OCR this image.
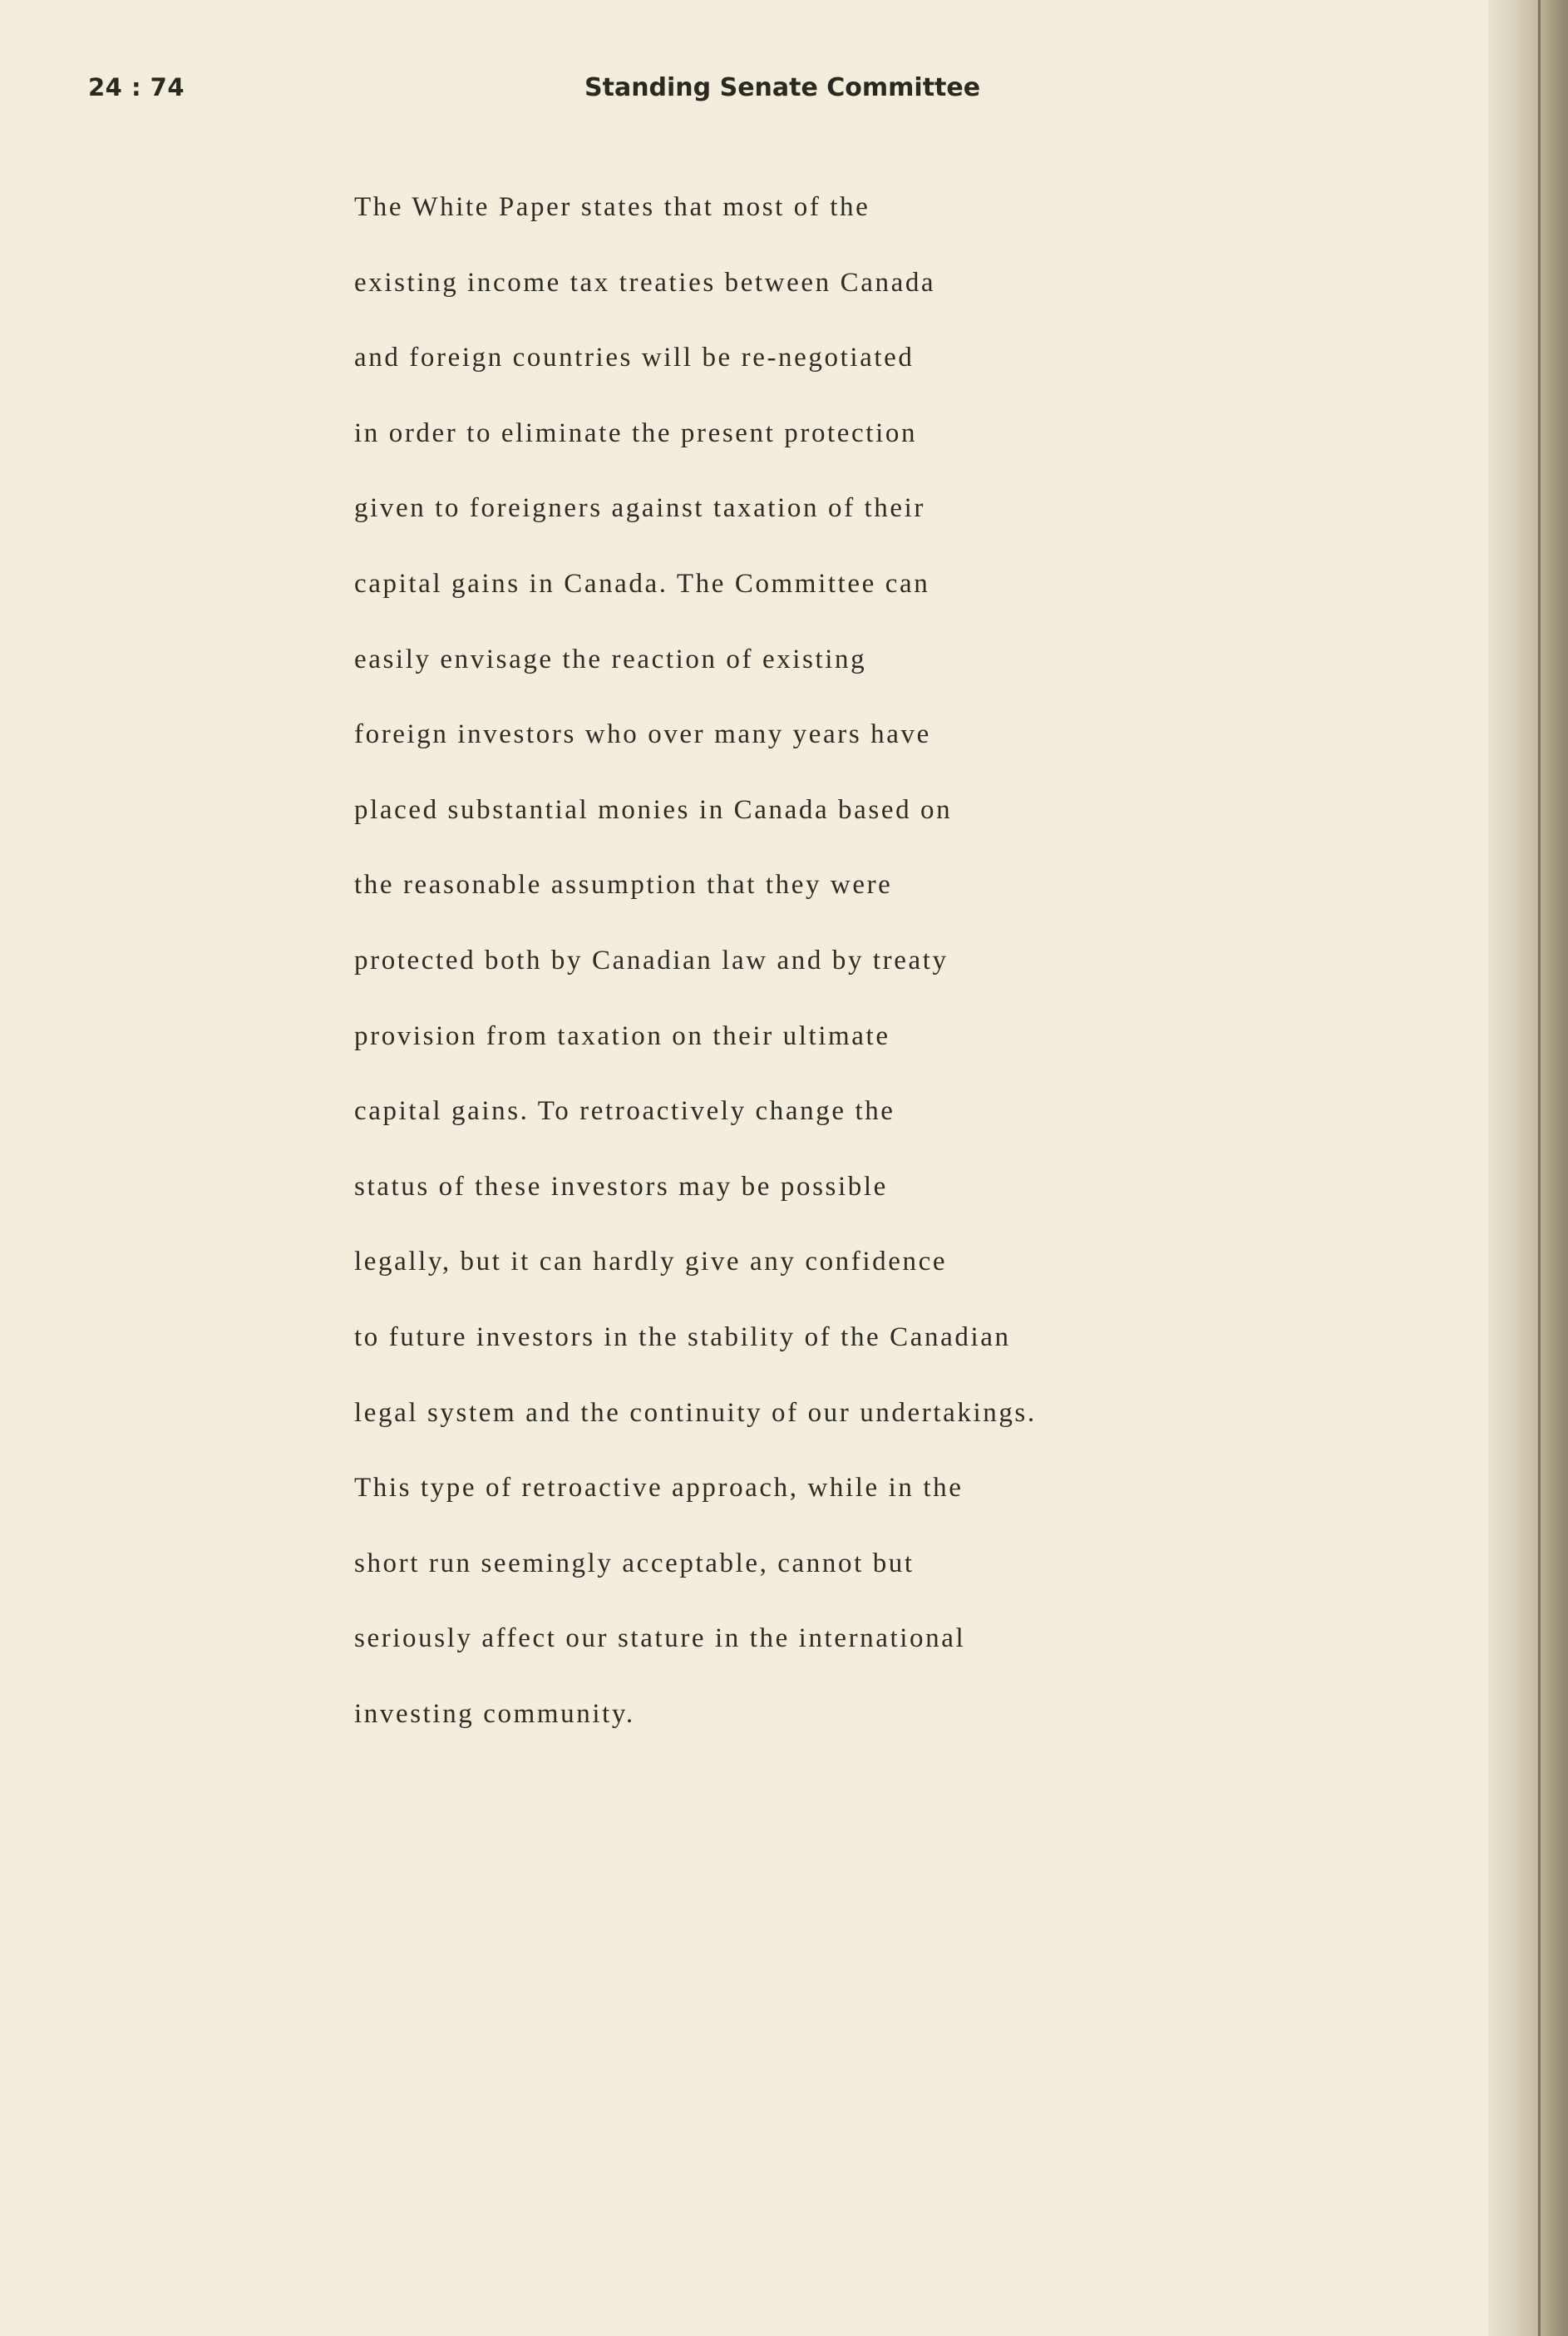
24 : 74	Standing Senate Committee
The White Paper states that most of the
existing income tax treaties between Canada
and foreign countries will be re-negotiated
in order to eliminate the present protection
given to foreigners against taxation of their
capital gains in Canada. The Committee can
easily envisage the reaction of existing
foreign investors who over many years have
placed substantial monies in Canada based on
the reasonable assumption that they were
protected both by Canadian law and by treaty
provision from taxation on their ultimate
capital gains. To retroactively change the
status of these investors may be possible
legally, but it can hardly give any confidence
to future investors in the stability of the Canadian
legal system and the continuity of our undertakings.
This type of retroactive approach, while in the
short run seemingly acceptable, cannot but
seriously affect our stature in the international
investing community.
